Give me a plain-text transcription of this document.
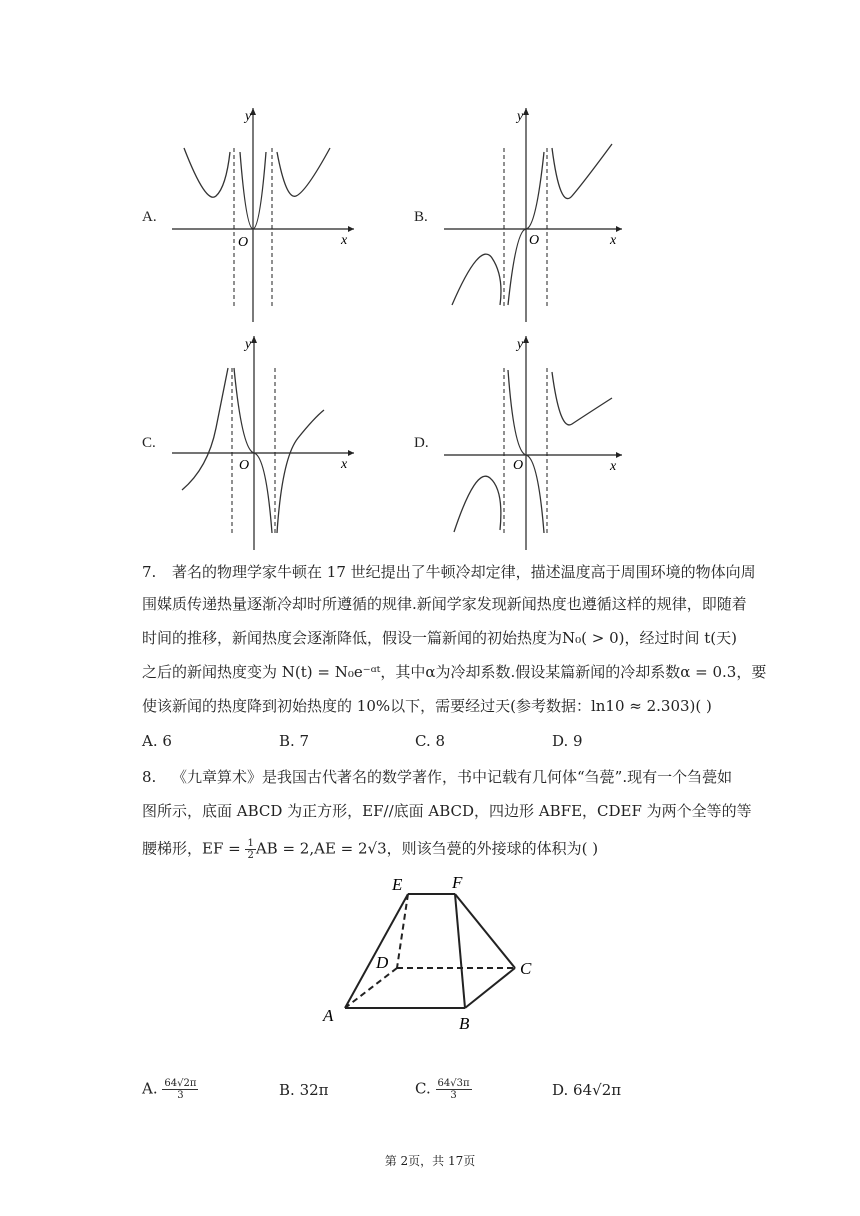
A.
y
x
O
B.
y
x
O
C.
y
x
O
D.
y
x
O
7. 著名的物理学家牛顿在 17 世纪提出了牛顿冷却定律，描述温度高于周围环境的物体向周
围媒质传递热量逐渐冷却时所遵循的规律.新闻学家发现新闻热度也遵循这样的规律，即随着
时间的推移，新闻热度会逐渐降低，假设一篇新闻的初始热度为N₀( > 0)，经过时间 t(天)
之后的新闻热度变为 N(t) = N₀e⁻ᵅᵗ，其中α为冷却系数.假设某篇新闻的冷却系数α = 0.3，要
使该新闻的热度降到初始热度的 10%以下，需要经过天(参考数据：ln10 ≈ 2.303)( )
A. 6	B. 7	C. 8	D. 9
8. 《九章算术》是我国古代著名的数学著作，书中记载有几何体“刍甍”.现有一个刍甍如
图所示，底面 ABCD 为正方形，EF//底面 ABCD，四边形 ABFE，CDEF 为两个全等的等
腰梯形，EF = $\frac{1}{2}$ AB = 2,AE = 2√3，则该刍甍的外接球的体积为( )
E	F
D	C
A	B
A. $\frac{64√2\pi}{3}$	B. 32π	C. $\frac{64√3\pi}{3}$	D. 64√2π
第 2页，共 17页
